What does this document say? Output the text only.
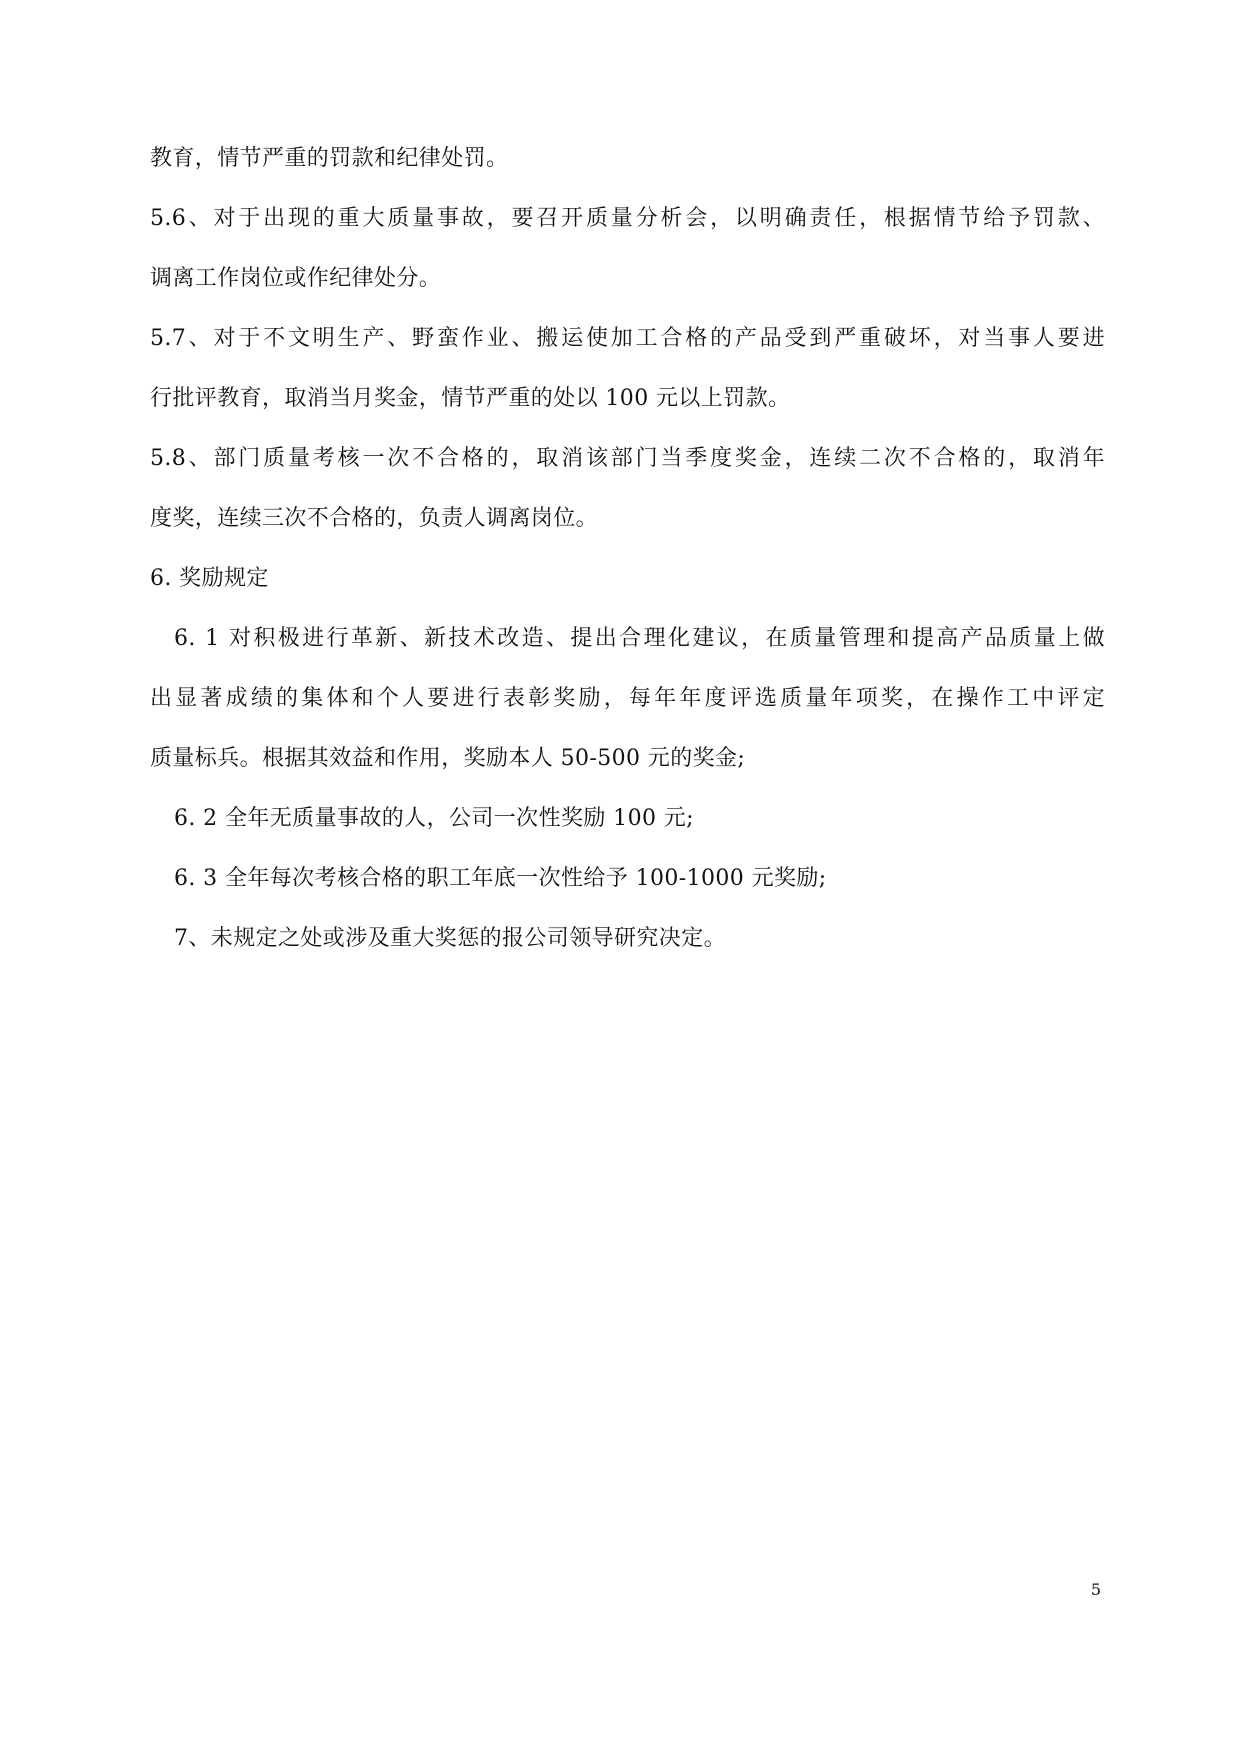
教育，情节严重的罚款和纪律处罚。
5.6、对于出现的重大质量事故，要召开质量分析会，以明确责任，根据情节给予罚款、
调离工作岗位或作纪律处分。
5.7、对于不文明生产、野蛮作业、搬运使加工合格的产品受到严重破坏，对当事人要进
行批评教育，取消当月奖金，情节严重的处以 100 元以上罚款。
5.8、部门质量考核一次不合格的，取消该部门当季度奖金，连续二次不合格的，取消年
度奖，连续三次不合格的，负责人调离岗位。
6. 奖励规定
6. 1 对积极进行革新、新技术改造、提出合理化建议，在质量管理和提高产品质量上做
出显著成绩的集体和个人要进行表彰奖励，每年年度评选质量年项奖，在操作工中评定
质量标兵。根据其效益和作用，奖励本人 50-500 元的奖金;
6. 2 全年无质量事故的人，公司一次性奖励 100 元;
6. 3 全年每次考核合格的职工年底一次性给予 100-1000 元奖励;
7、未规定之处或涉及重大奖惩的报公司领导研究决定。
5
